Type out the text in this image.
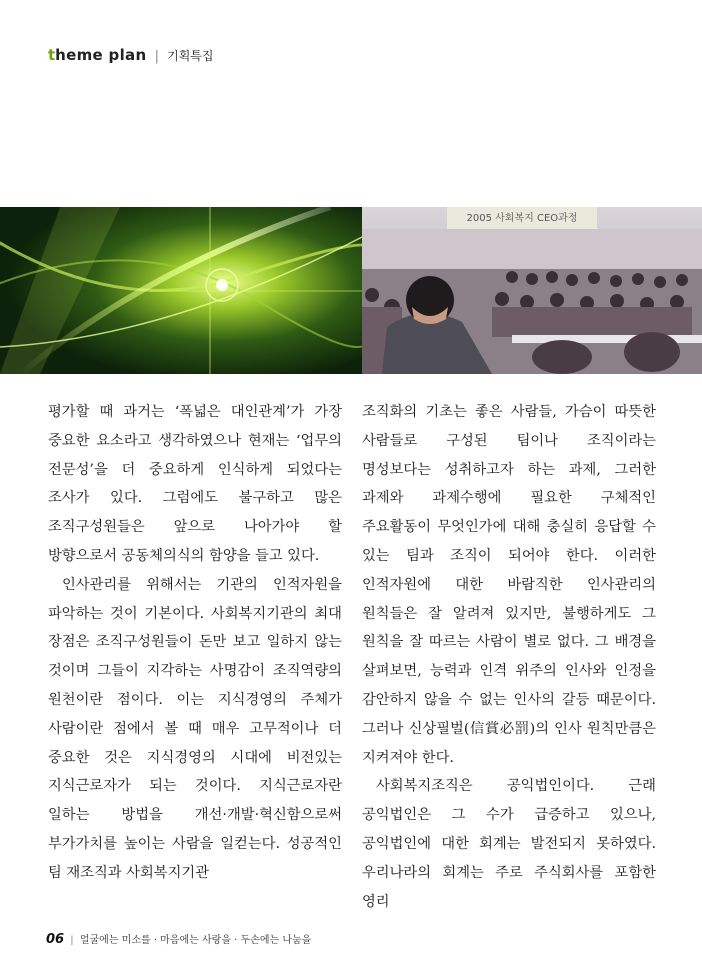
theme plan | 기획특집
2005 사회복지 CEO과정

평가할 때 과거는 ‘폭넓은 대인관계’가 가장 중요한 요소라고 생각하였으나 현재는 ‘업무의 전문성’을 더 중요하게 인식하게 되었다는 조사가 있다. 그럼에도 불구하고 많은 조직구성원들은 앞으로 나아가야 할 방향으로서 공동체의식의 함양을 들고 있다.

인사관리를 위해서는 기관의 인적자원을 파악하는 것이 기본이다. 사회복지기관의 최대 장점은 조직구성원들이 돈만 보고 일하지 않는 것이며 그들이 지각하는 사명감이 조직역량의 원천이란 점이다. 이는 지식경영의 주체가 사람이란 점에서 볼 때 매우 고무적이나 더 중요한 것은 지식경영의 시대에 비전있는 지식근로자가 되는 것이다. 지식근로자란 일하는 방법을 개선·개발·혁신함으로써 부가가치를 높이는 사람을 일컫는다. 성공적인 팀 재조직과 사회복지기관

조직화의 기초는 좋은 사람들, 가슴이 따뜻한 사람들로 구성된 팀이나 조직이라는 명성보다는 성취하고자 하는 과제, 그러한 과제와 과제수행에 필요한 구체적인 주요활동이 무엇인가에 대해 충실히 응답할 수 있는 팀과 조직이 되어야 한다. 이러한 인적자원에 대한 바람직한 인사관리의 원칙들은 잘 알려져 있지만, 불행하게도 그 원칙을 잘 따르는 사람이 별로 없다. 그 배경을 살펴보면, 능력과 인격 위주의 인사와 인정을 감안하지 않을 수 없는 인사의 갈등 때문이다. 그러나 신상필벌(信賞必罰)의 인사 원칙만큼은 지켜져야 한다.

사회복지조직은 공익법인이다. 근래 공익법인은 그 수가 급증하고 있으나, 공익법인에 대한 회계는 발전되지 못하였다. 우리나라의 회계는 주로 주식회사를 포함한 영리

06 | 얼굴에는 미소를 · 마음에는 사랑을 · 두손에는 나눔을
